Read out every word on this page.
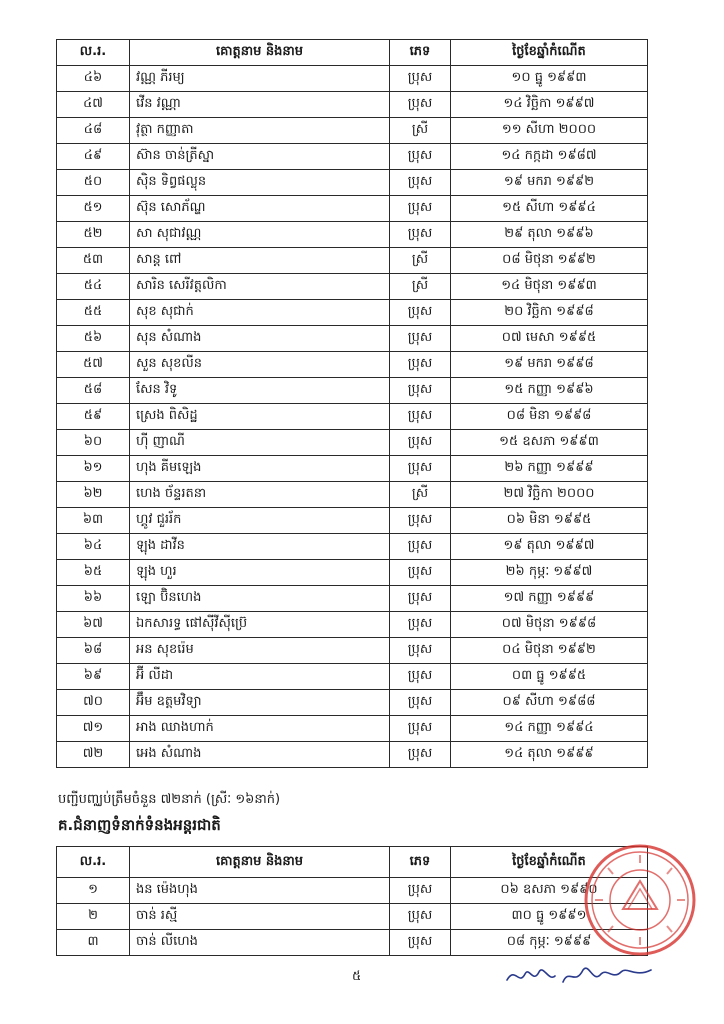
ល.រ.	គោត្តនាម និងនាម	ភេទ	ថ្ងៃខែឆ្នាំកំណើត
៤៦	វណ្ណ ភីរម្យ	ប្រុស	១០ ធ្នូ ១៩៩៣
៤៧	វេីន វណ្ណា	ប្រុស	១៤ វិច្ឆិកា ១៩៩៧
៤៨	វុត្ថា កញ្ញាតា	ស្រី	១១ សីហា ២០០០
៤៩	ស៊ាន ចាន់ត្រីស្នា	ប្រុស	១៤ កក្កដា ១៩៨៧
៥០	ស៊ិន ទិព្វផល្លុន	ប្រុស	១៩ មករា ១៩៩២
៥១	ស៊ុន សោភ័ណ្ឌ	ប្រុស	១៥ សីហា ១៩៩៤
៥២	សា សុជាវណ្ណ	ប្រុស	២៩ តុលា ១៩៩៦
៥៣	សាន្ត ពៅ	ស្រី	០៨ មិថុនា ១៩៩២
៥៤	សារិន សេរីវត្តលិកា	ស្រី	១៤ មិថុនា ១៩៩៣
៥៥	សុខ សុជាក់	ប្រុស	២០ វិច្ឆិកា ១៩៩៨
៥៦	សុន សំណាង	ប្រុស	០៧ មេសា ១៩៩៥
៥៧	សួន សុខលីន	ប្រុស	១៩ មករា ១៩៩៨
៥៨	សែន វិទូ	ប្រុស	១៥ កញ្ញា ១៩៩៦
៥៩	ស្រេង ពិសិដ្ឋ	ប្រុស	០៨ មិនា ១៩៩៨
៦០	ហុី ញាណី	ប្រុស	១៥ ឧសភា ១៩៩៣
៦១	ហុង គីមឡេង	ប្រុស	២៦ កញ្ញា ១៩៩៩
៦២	ហេង ច័ន្ទរតនា	ស្រី	២៧ វិច្ឆិកា ២០០០
៦៣	ហ្គូវ ជួររ័ក	ប្រុស	០៦ មិនា ១៩៩៥
៦៤	ឡុង ដាវីន	ប្រុស	១៩ តុលា ១៩៩៧
៦៥	ឡុង ហួរ	ប្រុស	២៦ កុម្ភៈ ១៩៩៧
៦៦	ឡោ ប៊ិនហេង	ប្រុស	១៧ កញ្ញា ១៩៩៩
៦៧	ឯកសារទ្ធ ផៅស៊ីវីស៊ីប៊្រេ	ប្រុស	០៧ មិថុនា ១៩៩៨
៦៨	អន សុខរ៉េម	ប្រុស	០៤ មិថុនា ១៩៩២
៦៩	អ៊ី លីដា	ប្រុស	០៣ ធ្នូ ១៩៩៥
៧០	អ៊ឹម ឧត្តមវិទ្យា	ប្រុស	០៩ សីហា ១៩៨៨
៧១	អាង ឈាងហាក់	ប្រុស	១៤ កញ្ញា ១៩៩៤
៧២	អេង សំណាង	ប្រុស	១៤ តុលា ១៩៩៩
បញ្ជីបញ្ឈប់ត្រឹមចំនួន ៧២នាក់ (ស្រីៈ ១៦នាក់)
គ.ជំនាញទំនាក់ទំនងអន្តរជាតិ
ល.រ.	គោត្តនាម និងនាម	ភេទ	ថ្ងៃខែឆ្នាំកំណើត
១	ងន ម៉េងហុង	ប្រុស	០៦ ឧសភា ១៩៩០
២	ចាន់ រស្មី	ប្រុស	៣០ ធ្នូ ១៩៩១
៣	ចាន់ លីហេង	ប្រុស	០៨ កុម្ភៈ ១៩៩៩
៥
